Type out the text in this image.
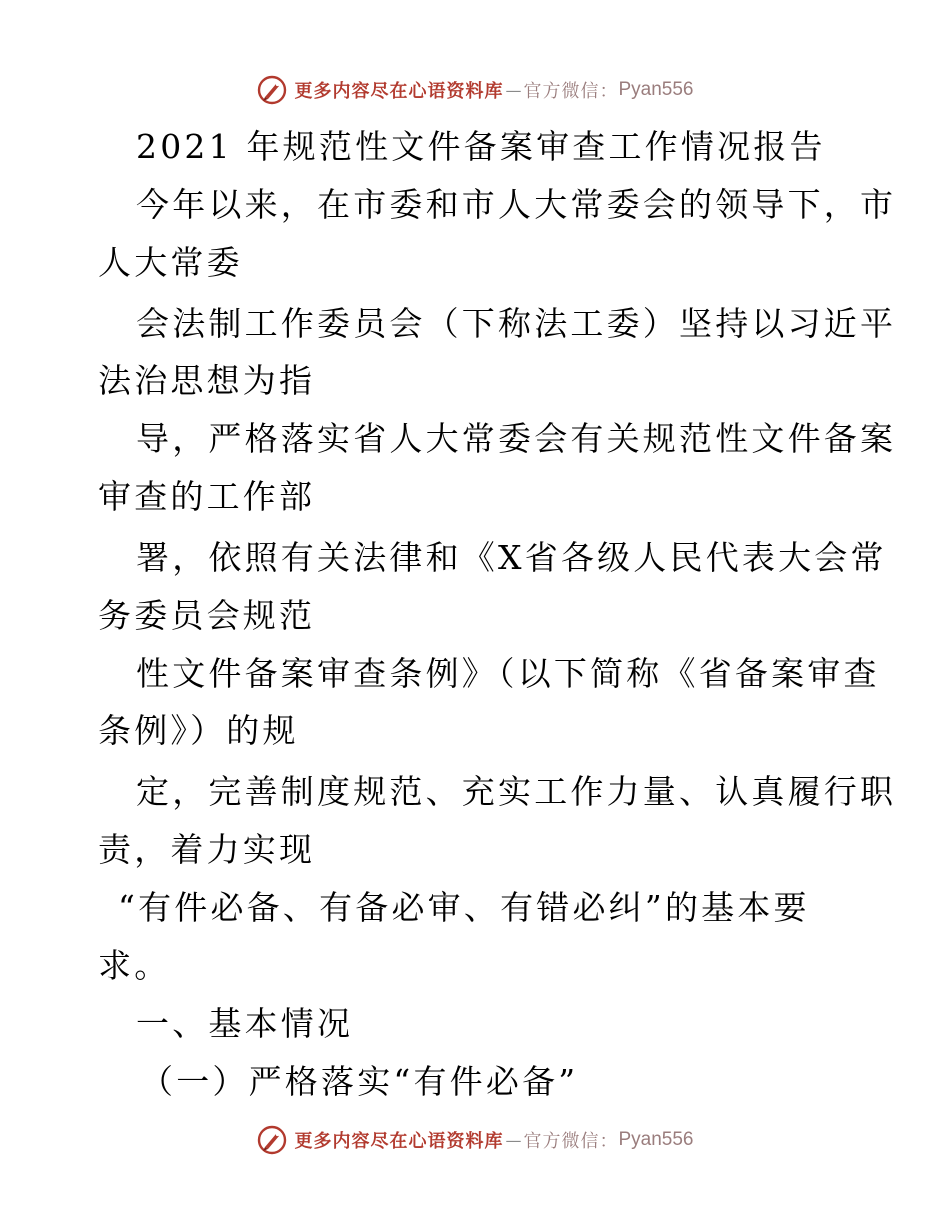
更多内容尽在心语资料库 — 官方微信： Pyan556
2021 年规范性文件备案审查工作情况报告
今年以来，在市委和市人大常委会的领导下，市
人大常委
会法制工作委员会（下称法工委）坚持以习近平
法治思想为指
导，严格落实省人大常委会有关规范性文件备案
审查的工作部
署，依照有关法律和《X省各级人民代表大会常
务委员会规范
性文件备案审查条例》（以下简称《省备案审查
条例》）的规
定，完善制度规范、充实工作力量、认真履行职
责，着力实现
“有件必备、有备必审、有错必纠”的基本要
求。
一、基本情况
（一）严格落实“有件必备”
更多内容尽在心语资料库 — 官方微信： Pyan556
